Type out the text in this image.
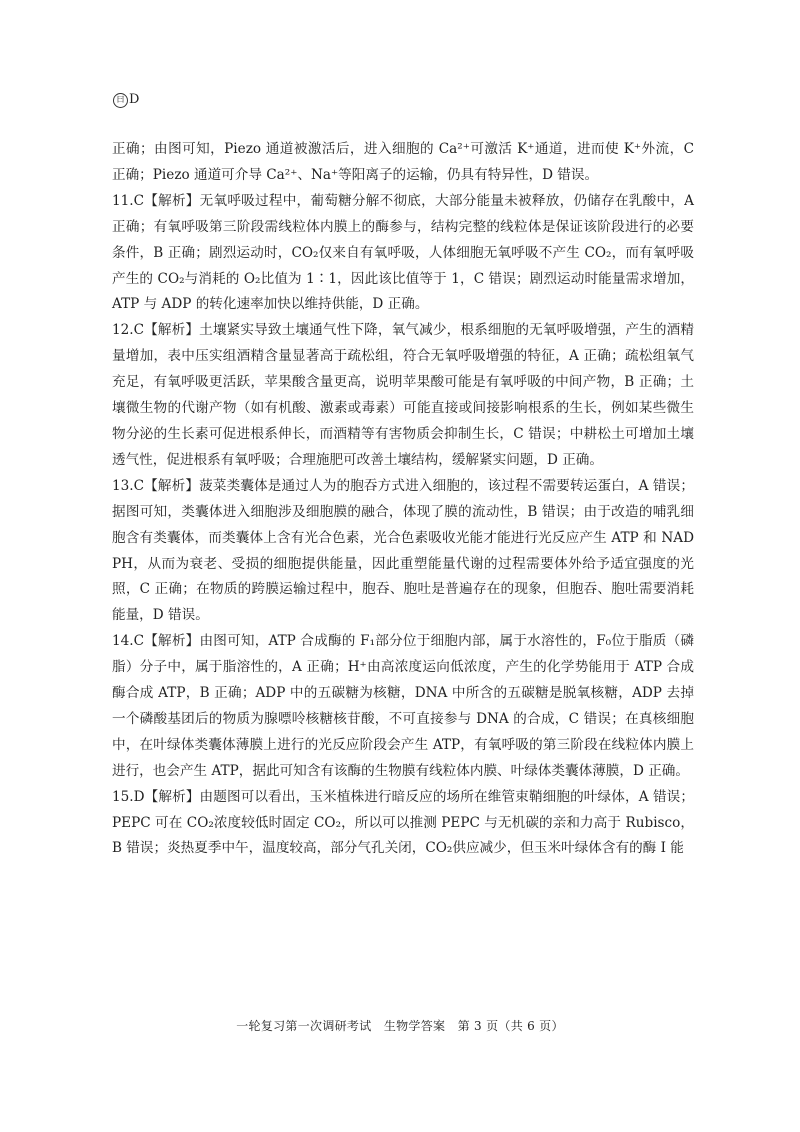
曰 D

正确；由图可知，Piezo 通道被激活后，进入细胞的 Ca²⁺可激活 K⁺通道，进而使 K⁺外流，C 正确；Piezo 通道可介导 Ca²⁺、Na⁺等阳离子的运输，仍具有特异性，D 错误。

11.C【解析】无氧呼吸过程中，葡萄糖分解不彻底，大部分能量未被释放，仍储存在乳酸中，A 正确；有氧呼吸第三阶段需线粒体内膜上的酶参与，结构完整的线粒体是保证该阶段进行的必要条件，B 正确；剧烈运动时，CO₂仅来自有氧呼吸，人体细胞无氧呼吸不产生 CO₂，而有氧呼吸产生的 CO₂与消耗的 O₂比值为 1∶1，因此该比值等于 1，C 错误；剧烈运动时能量需求增加，ATP 与 ADP 的转化速率加快以维持供能，D 正确。

12.C【解析】土壤紧实导致土壤通气性下降，氧气减少，根系细胞的无氧呼吸增强，产生的酒精量增加，表中压实组酒精含量显著高于疏松组，符合无氧呼吸增强的特征，A 正确；疏松组氧气充足，有氧呼吸更活跃，苹果酸含量更高，说明苹果酸可能是有氧呼吸的中间产物，B 正确；土壤微生物的代谢产物（如有机酸、激素或毒素）可能直接或间接影响根系的生长，例如某些微生物分泌的生长素可促进根系伸长，而酒精等有害物质会抑制生长，C 错误；中耕松土可增加土壤透气性，促进根系有氧呼吸；合理施肥可改善土壤结构，缓解紧实问题，D 正确。

13.C【解析】菠菜类囊体是通过人为的胞吞方式进入细胞的，该过程不需要转运蛋白，A 错误；据图可知，类囊体进入细胞涉及细胞膜的融合，体现了膜的流动性，B 错误；由于改造的哺乳细胞含有类囊体，而类囊体上含有光合色素，光合色素吸收光能才能进行光反应产生 ATP 和 NADPH，从而为衰老、受损的细胞提供能量，因此重塑能量代谢的过程需要体外给予适宜强度的光照，C 正确；在物质的跨膜运输过程中，胞吞、胞吐是普遍存在的现象，但胞吞、胞吐需要消耗能量，D 错误。

14.C【解析】由图可知，ATP 合成酶的 F₁部分位于细胞内部，属于水溶性的，F₀位于脂质（磷脂）分子中，属于脂溶性的，A 正确；H⁺由高浓度运向低浓度，产生的化学势能用于 ATP 合成酶合成 ATP，B 正确；ADP 中的五碳糖为核糖，DNA 中所含的五碳糖是脱氧核糖，ADP 去掉一个磷酸基团后的物质为腺嘌呤核糖核苷酸，不可直接参与 DNA 的合成，C 错误；在真核细胞中，在叶绿体类囊体薄膜上进行的光反应阶段会产生 ATP，有氧呼吸的第三阶段在线粒体内膜上进行，也会产生 ATP，据此可知含有该酶的生物膜有线粒体内膜、叶绿体类囊体薄膜，D 正确。

15.D【解析】由题图可以看出，玉米植株进行暗反应的场所在维管束鞘细胞的叶绿体，A 错误；PEPC 可在 CO₂浓度较低时固定 CO₂，所以可以推测 PEPC 与无机碳的亲和力高于 Rubisco，B 错误；炎热夏季中午，温度较高，部分气孔关闭，CO₂供应减少，但玉米叶绿体含有的酶 I 能

一轮复习第一次调研考试　生物学答案　第 3 页（共 6 页）
